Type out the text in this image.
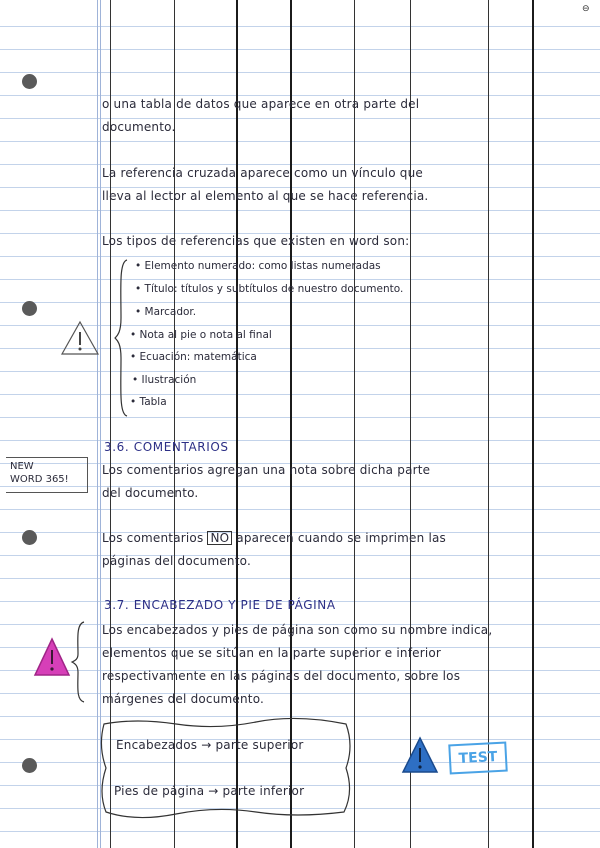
⊖
o una tabla de datos que aparece en otra parte del
documento.
La referencia cruzada aparece como un vínculo que
lleva al lector al elemento al que se hace referencia.
Los tipos de referencias que existen en word son:
• Elemento numerado: como listas numeradas
• Título: títulos y subtítulos de nuestro documento.
• Marcador.
• Nota al pie o nota al final
• Ecuación: matemática
• Ilustración
• Tabla
3.6. COMENTARIOS
NEW
WORD 365!
Los comentarios agregan una nota sobre dicha parte
del documento.
Los comentarios NO aparecen cuando se imprimen las
páginas del documento.
3.7. ENCABEZADO Y PIE DE PÁGINA
Los encabezados y pies de página son como su nombre indica,
elementos que se sitúan en la parte superior e inferior
respectivamente en las páginas del documento, sobre los
márgenes del documento.
Encabezados → parte superior
Pies de página → parte inferior
TEST
